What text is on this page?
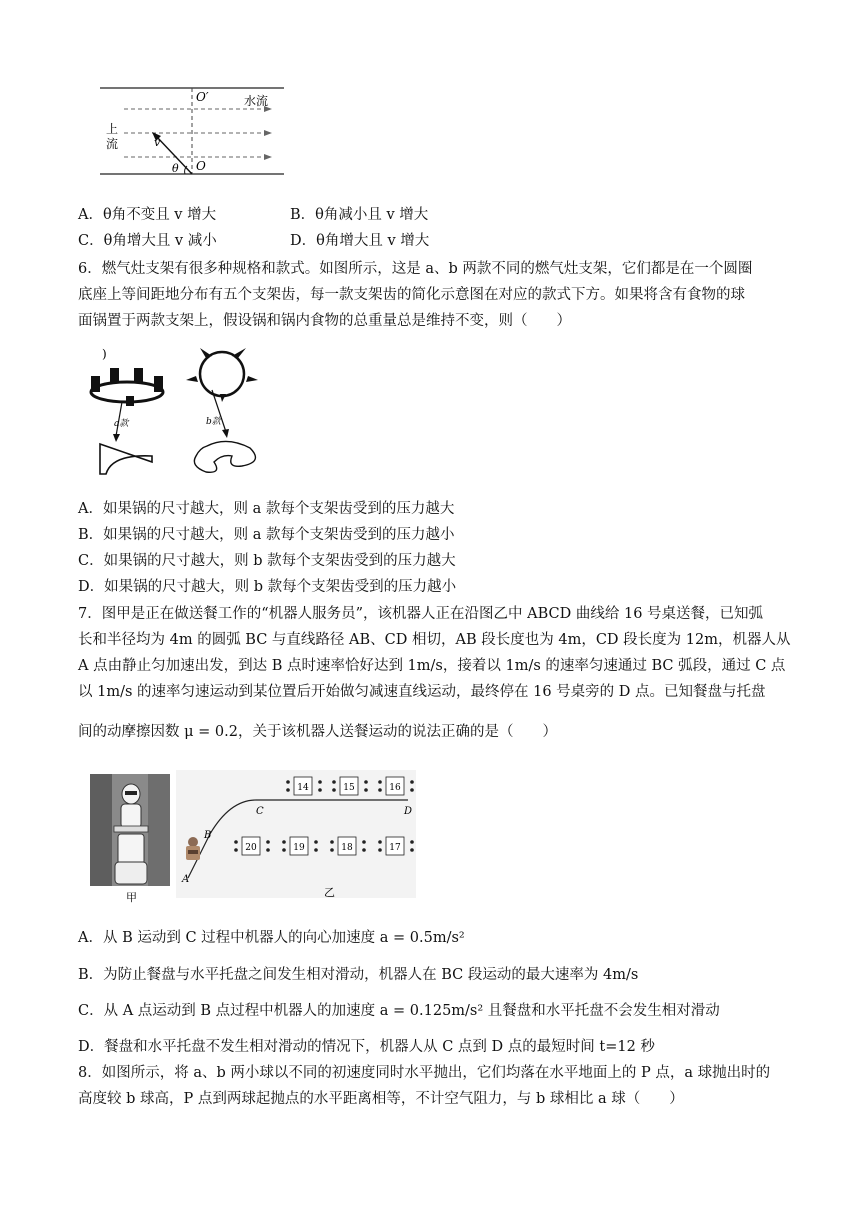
O′
O
水流
上
流	v
θ
A．θ角不变且 v 增大	B．θ角减小且 v 增大
C．θ角增大且 v 减小	D．θ角增大且 v 增大
6．燃气灶支架有很多种规格和款式。如图所示，这是 a、b 两款不同的燃气灶支架，它们都是在一个圆圈
底座上等间距地分布有五个支架齿，每一款支架齿的简化示意图在对应的款式下方。如果将含有食物的球
面锅置于两款支架上，假设锅和锅内食物的总重量总是维持不变，则（　　）
)
a款	b款
A．如果锅的尺寸越大，则 a 款每个支架齿受到的压力越大
B．如果锅的尺寸越大，则 a 款每个支架齿受到的压力越小
C．如果锅的尺寸越大，则 b 款每个支架齿受到的压力越大
D．如果锅的尺寸越大，则 b 款每个支架齿受到的压力越小
7．图甲是正在做送餐工作的“机器人服务员”，该机器人正在沿图乙中 ABCD 曲线给 16 号桌送餐，已知弧
长和半径均为 4m 的圆弧 BC 与直线路径 AB、CD 相切，AB 段长度也为 4m，CD 段长度为 12m，机器人从
A 点由静止匀加速出发，到达 B 点时速率恰好达到 1m/s，接着以 1m/s 的速率匀速通过 BC 弧段，通过 C 点
以 1m/s 的速率匀速运动到某位置后开始做匀减速直线运动，最终停在 16 号桌旁的 D 点。已知餐盘与托盘
间的动摩擦因数 μ = 0.2，关于该机器人送餐运动的说法正确的是（　　）
甲
A
B
C	D
14	15	16
20	19	18	17
乙
A．从 B 运动到 C 过程中机器人的向心加速度 a = 0.5m/s²
B．为防止餐盘与水平托盘之间发生相对滑动，机器人在 BC 段运动的最大速率为 4m/s
C．从 A 点运动到 B 点过程中机器人的加速度 a = 0.125m/s² 且餐盘和水平托盘不会发生相对滑动
D．餐盘和水平托盘不发生相对滑动的情况下，机器人从 C 点到 D 点的最短时间 t=12 秒
8．如图所示，将 a、b 两小球以不同的初速度同时水平抛出，它们均落在水平地面上的 P 点，a 球抛出时的
高度较 b 球高，P 点到两球起抛点的水平距离相等，不计空气阻力，与 b 球相比 a 球（　　）
